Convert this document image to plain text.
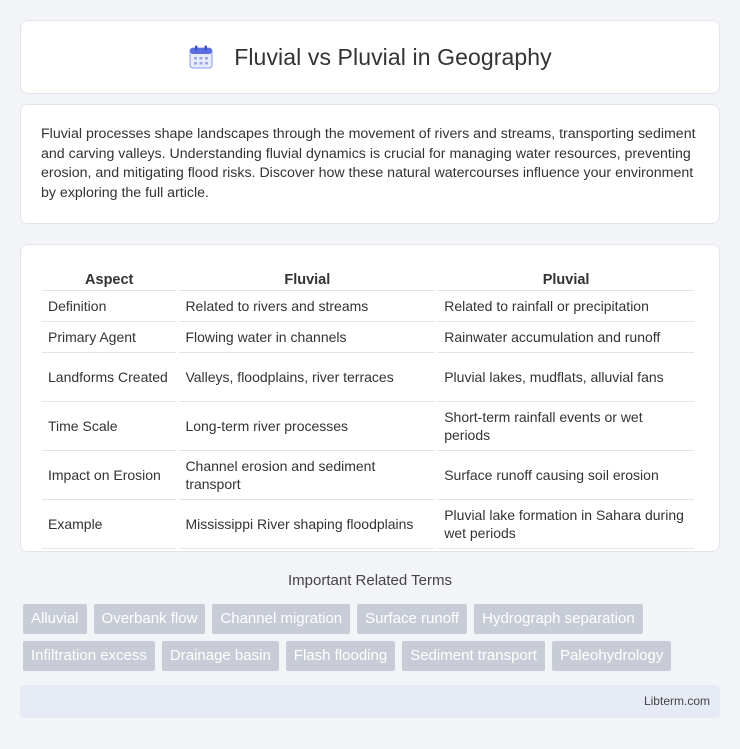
Fluvial vs Pluvial in Geography

Fluvial processes shape landscapes through the movement of rivers and streams, transporting sediment and carving valleys. Understanding fluvial dynamics is crucial for managing water resources, preventing erosion, and mitigating flood risks. Discover how these natural watercourses influence your environment by exploring the full article.

Aspect	Fluvial	Pluvial
Definition	Related to rivers and streams	Related to rainfall or precipitation
Primary Agent	Flowing water in channels	Rainwater accumulation and runoff
Landforms Created	Valleys, floodplains, river terraces	Pluvial lakes, mudflats, alluvial fans
Time Scale	Long-term river processes	Short-term rainfall events or wet periods
Impact on Erosion	Channel erosion and sediment transport	Surface runoff causing soil erosion
Example	Mississippi River shaping floodplains	Pluvial lake formation in Sahara during wet periods
Important Related Terms
Alluvial	Overbank flow	Channel migration	Surface runoff	Hydrograph separation
Infiltration excess	Drainage basin	Flash flooding	Sediment transport	Paleohydrology
Libterm.com
